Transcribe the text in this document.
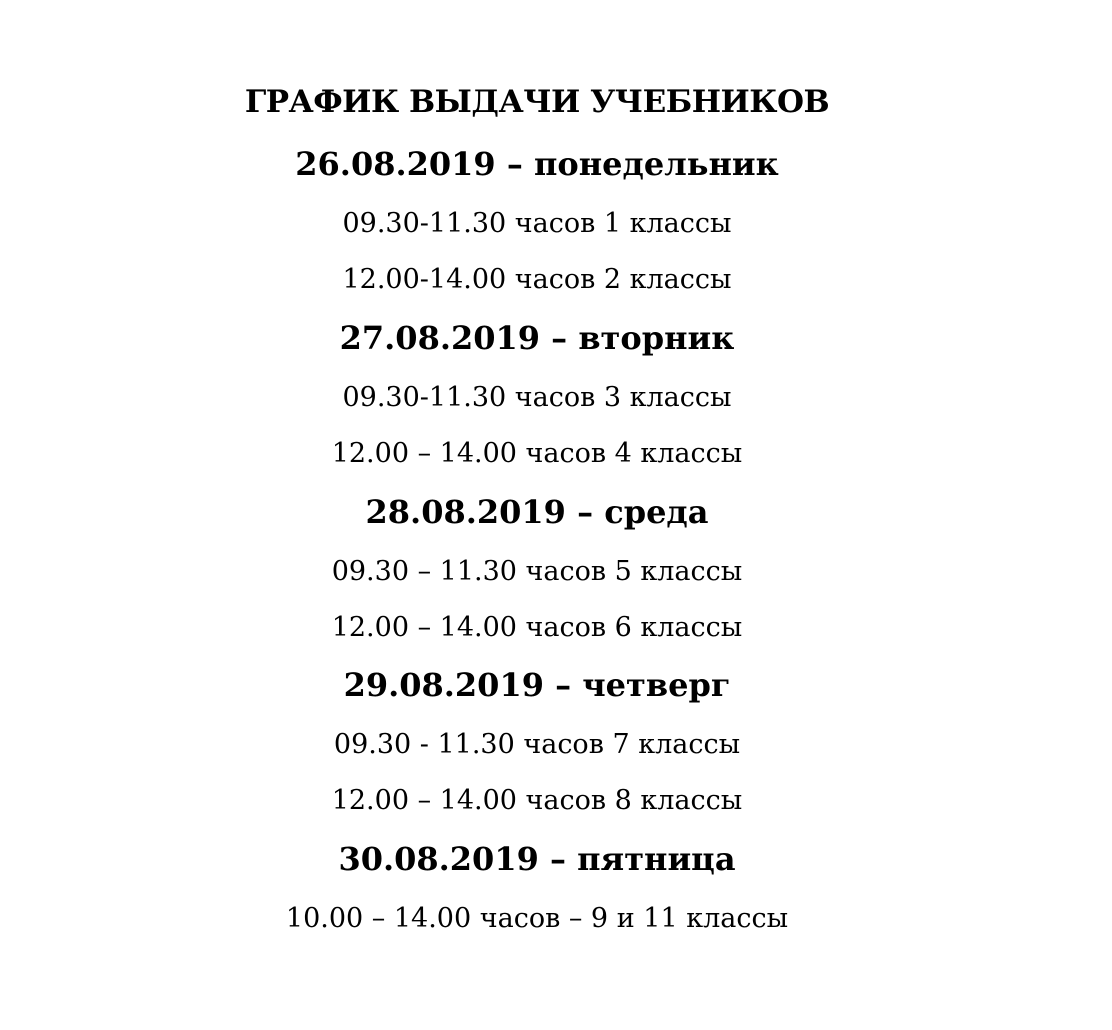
ГРАФИК ВЫДАЧИ УЧЕБНИКОВ
26.08.2019 – понедельник
09.30-11.30 часов 1 классы
12.00-14.00 часов 2 классы
27.08.2019 – вторник
09.30-11.30 часов 3 классы
12.00 – 14.00 часов 4 классы
28.08.2019 – среда
09.30 – 11.30 часов 5 классы
12.00 – 14.00 часов 6 классы
29.08.2019 – четверг
09.30 - 11.30 часов 7 классы
12.00 – 14.00 часов 8 классы
30.08.2019 – пятница
10.00 – 14.00 часов – 9 и 11 классы
